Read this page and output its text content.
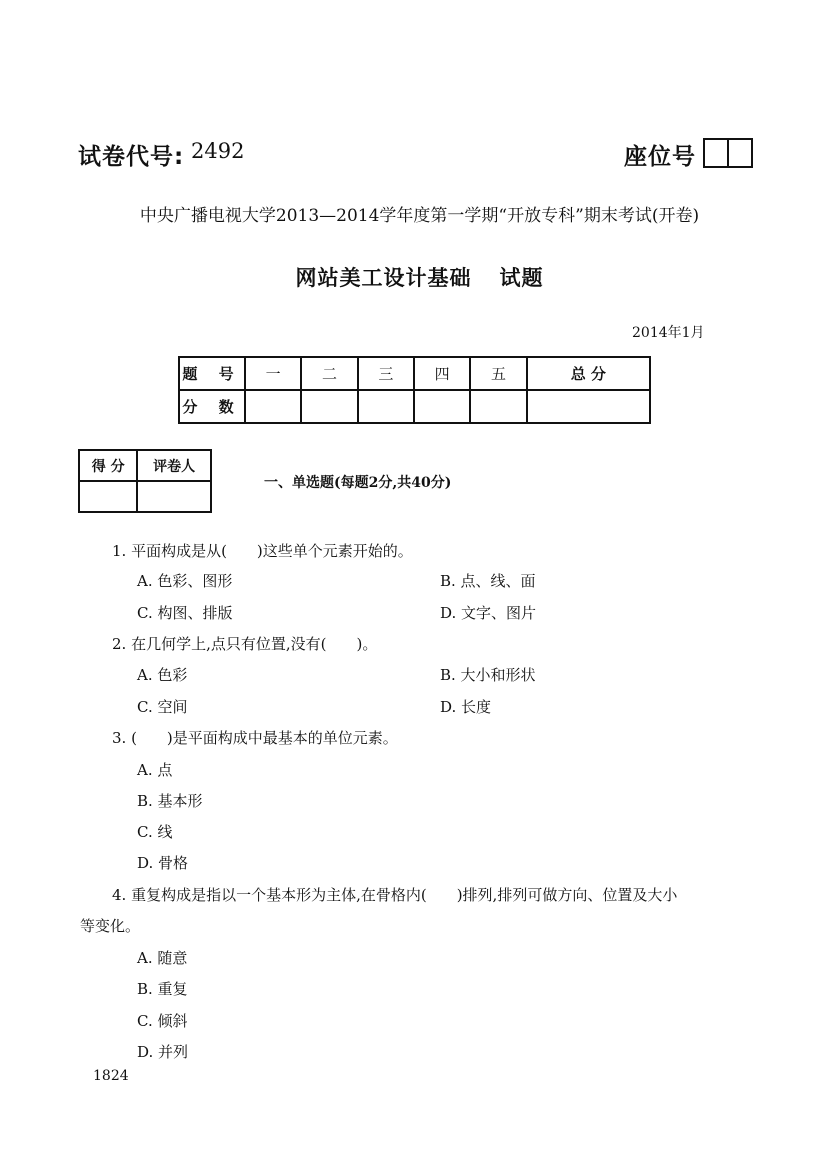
试卷代号: 2492	座位号
中央广播电视大学2013—2014学年度第一学期“开放专科”期末考试(开卷)
网站美工设计基础 试题
2014年1月
题 号	一	二	三	四	五	总 分
分 数						
得 分	评卷人

一、单选题(每题2分,共40分)
1. 平面构成是从(　　)这些单个元素开始的。
A. 色彩、图形	B. 点、线、面
C. 构图、排版	D. 文字、图片
2. 在几何学上,点只有位置,没有(　　)。
A. 色彩	B. 大小和形状
C. 空间	D. 长度
3. (　　)是平面构成中最基本的单位元素。
A. 点
B. 基本形
C. 线
D. 骨格
4. 重复构成是指以一个基本形为主体,在骨格内(　　)排列,排列可做方向、位置及大小
等变化。
A. 随意
B. 重复
C. 倾斜
D. 并列
1824
